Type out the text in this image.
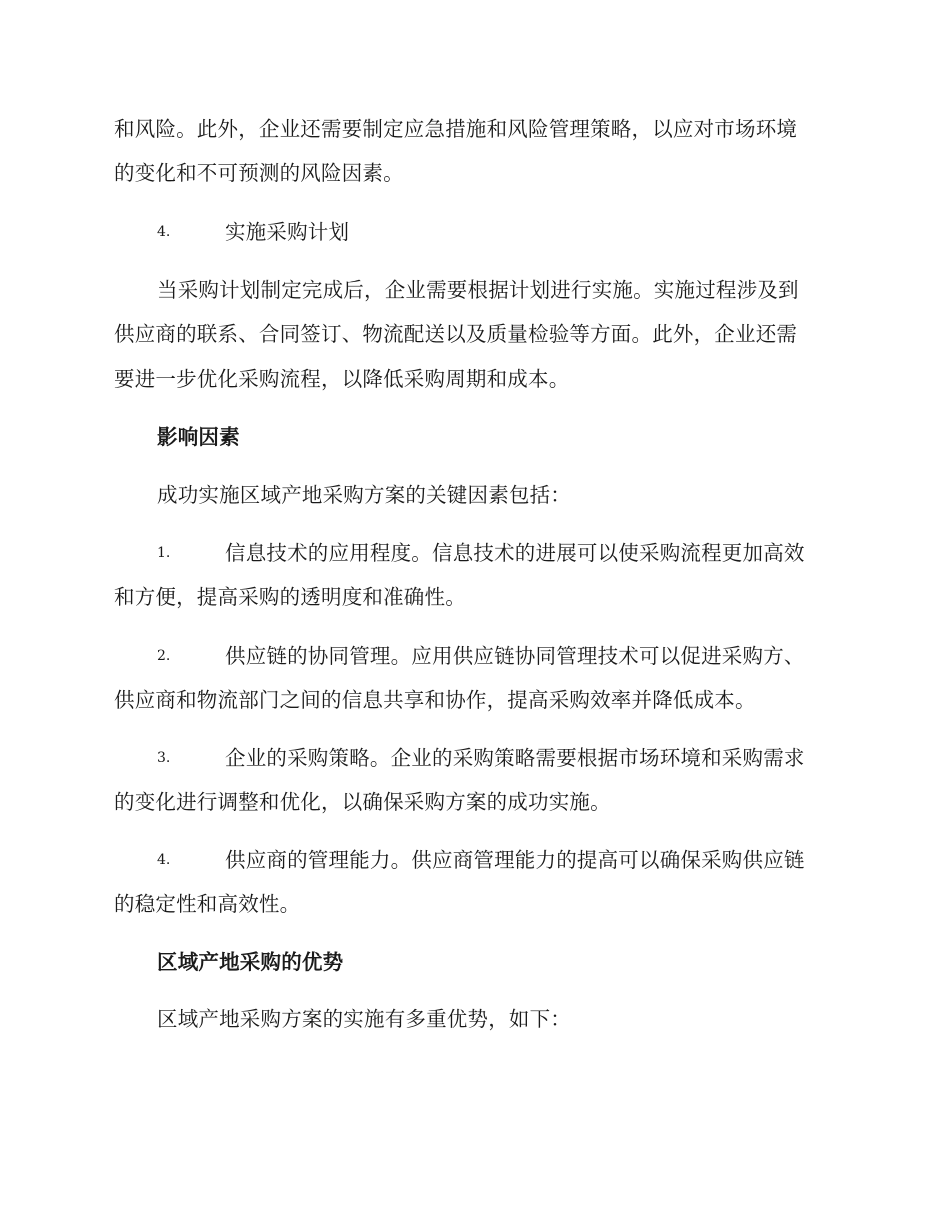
和风险。此外，企业还需要制定应急措施和风险管理策略，以应对市场环境
的变化和不可预测的风险因素。
4.	实施采购计划
当采购计划制定完成后，企业需要根据计划进行实施。实施过程涉及到
供应商的联系、合同签订、物流配送以及质量检验等方面。此外，企业还需
要进一步优化采购流程，以降低采购周期和成本。
影响因素
成功实施区域产地采购方案的关键因素包括：
1.	信息技术的应用程度。信息技术的进展可以使采购流程更加高效
和方便，提高采购的透明度和准确性。
2.	供应链的协同管理。应用供应链协同管理技术可以促进采购方、
供应商和物流部门之间的信息共享和协作，提高采购效率并降低成本。
3.	企业的采购策略。企业的采购策略需要根据市场环境和采购需求
的变化进行调整和优化，以确保采购方案的成功实施。
4.	供应商的管理能力。供应商管理能力的提高可以确保采购供应链
的稳定性和高效性。
区域产地采购的优势
区域产地采购方案的实施有多重优势，如下：
